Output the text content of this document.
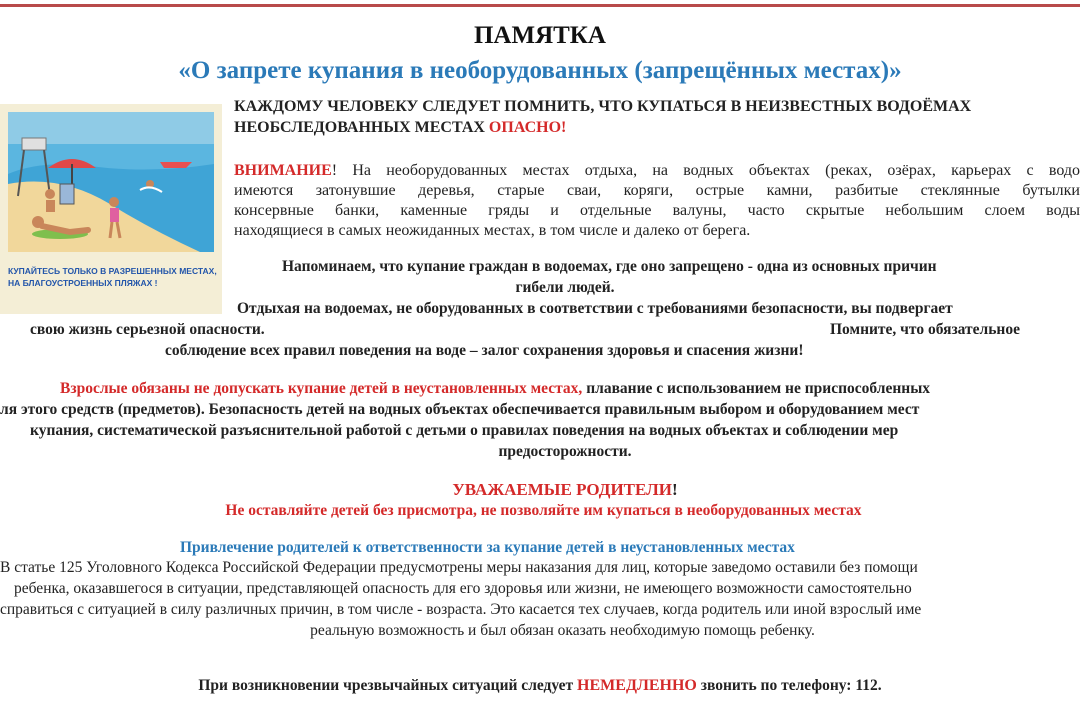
ПАМЯТКА
«О запрете купания в необоруд⁠ованных (запрещённых местах)»
КУПАЙТЕСЬ ТОЛЬКО В РАЗРЕШЕННЫХ МЕСТАХ,
НА БЛАГОУСТРОЕННЫХ ПЛЯЖАХ !
КАЖДОМУ ЧЕЛОВЕКУ СЛЕДУЕТ ПОМНИТЬ, ЧТО КУПАТЬСЯ В НЕИЗВЕСТНЫХ ВОДОЁМАХ
НЕОБСЛЕДОВАННЫХ МЕСТАХ ОПАСНО!
ВНИМАНИЕ! На необорудованных местах отдыха, на водных объектах (реках, озёрах, карьерах с водо
имеются затонувшие деревья, старые сваи, коряги, острые камни, разбитые стеклянные бутылки
консервные банки, каменные гряды и отдельные валуны, часто скрытые небольшим слоем воды
находящиеся в самых неожиданных местах, в том числе и далеко от берега.
Напоминаем, что купание граждан в водоемах, где оно запрещено - одна из основных причин
гибели людей.
Отдыхая на водоемах, не оборудованных в соответствии с требованиями безопасности, вы подвергает
свою жизнь серьезной опасности.	Помните, что обязательное
соблюдение всех правил поведения на воде – залог сохранения здоровья и спасения жизни!
Взрослые обязаны не допускать купание детей в неустановленных местах, плавание с использованием не приспособленных
ля этого средств (предметов). Безопасность детей на водных объектах обеспечивается правильным выбором и оборудованием мест
купания, систематической разъяснительной работой с детьми о правилах поведения на водных объектах и соблюдении мер
предосторожности.
УВАЖАЕМЫЕ РОДИТЕЛИ!
Не оставляйте детей без присмотра, не позволяйте им купаться в необорудованных местах
Привлечение родителей к ответственности за купание детей в неустановленных местах
В статье 125 Уголовного Кодекса Российской Федерации предусмотрены меры наказания для лиц, которые заведомо оставили без помощи
ребенка, оказавшегося в ситуации, представляющей опасность для его здоровья или жизни, не имеющего возможности самостоятельно
справиться с ситуацией в силу различных причин, в том числе - возраста. Это касается тех случаев, когда родитель или иной взрослый име
реальную возможность и был обязан оказать необходимую помощь ребенку.
При возникновении чрезвычайных ситуаций следует НЕМЕДЛЕННО звонить по телефону: 112.
